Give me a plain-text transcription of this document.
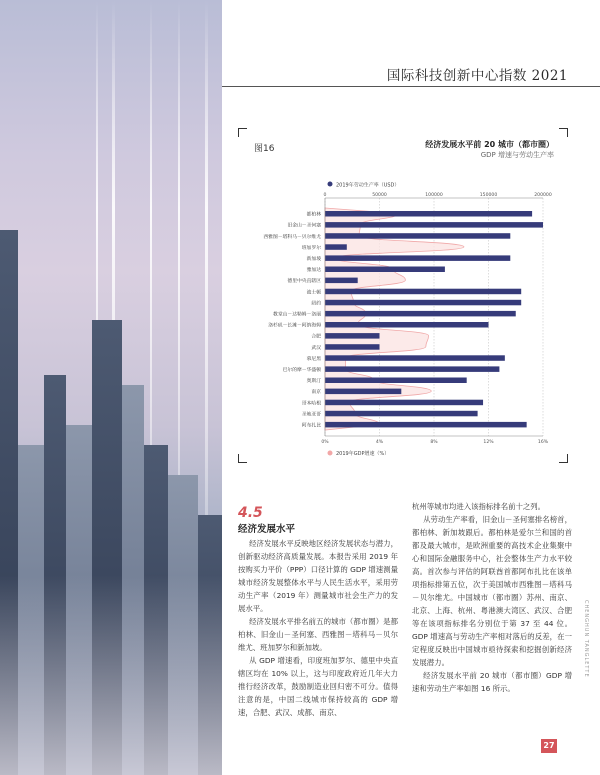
国际科技创新中心指数 2021
图16	经济发展水平前 20 城市（都市圈）
GDP 增速与劳动生产率
2019年劳动生产率（USD）
0	50000	100000	150000	200000
都柏林
旧金山－圣何塞
西雅图－塔科马－贝尔维尤
班加罗尔
新加坡
雅加达
德里中央直辖区
波士顿
纽约
教堂山－达勒姆－洛丽
洛杉矶－长滩－阿纳海姆
合肥
武汉
慕尼黑
巴尔的摩－华盛顿
奥斯汀
南京
哥本哈根
圣地亚哥
阿布扎比
0%	4%	8%	12%	16%
2019年GDP增速（%）
4.5
经济发展水平

经济发展水平反映地区经济发展状态与潜力，创新驱动经济高质量发展。本报告采用 2019 年按购买力平价（PPP）口径计算的 GDP 增速测量城市经济发展整体水平与人民生活水平，采用劳动生产率（2019 年）测量城市社会生产力的发展水平。

经济发展水平排名前五的城市（都市圈）是都柏林、旧金山－圣何塞、西雅图－塔科马－贝尔维尤、班加罗尔和新加坡。

从 GDP 增速看，印度班加罗尔、德里中央直辖区均在 10% 以上，这与印度政府近几年大力推行经济改革，鼓励制造业回归密不可分。值得注意的是，中国二线城市保持较高的 GDP 增速，合肥、武汉、成都、南京、

杭州等城市均进入该指标排名前十之列。

从劳动生产率看，旧金山－圣何塞排名榜首，都柏林、新加坡跟后。都柏林是爱尔兰和国的首都及最大城市，是欧洲重要的高技术企业集聚中心和国际金融服务中心，社会整体生产力水平较高。首次参与评估的阿联酋首都阿布扎比在该单项指标排第五位，次于美国城市西雅图－塔科马－贝尔维尤。中国城市（都市圈）苏州、南京、北京、上海、杭州、粤港澳大湾区、武汉、合肥等在该项指标排名分别位于第 37 至 44 位。GDP 增速高与劳动生产率相对落后的反差，在一定程度反映出中国城市亟待探索和挖掘创新经济发展潜力。

经济发展水平前 20 城市（都市圈）GDP 增速和劳动生产率如图 16 所示。

CHENGHUN TANGLETTE
27
